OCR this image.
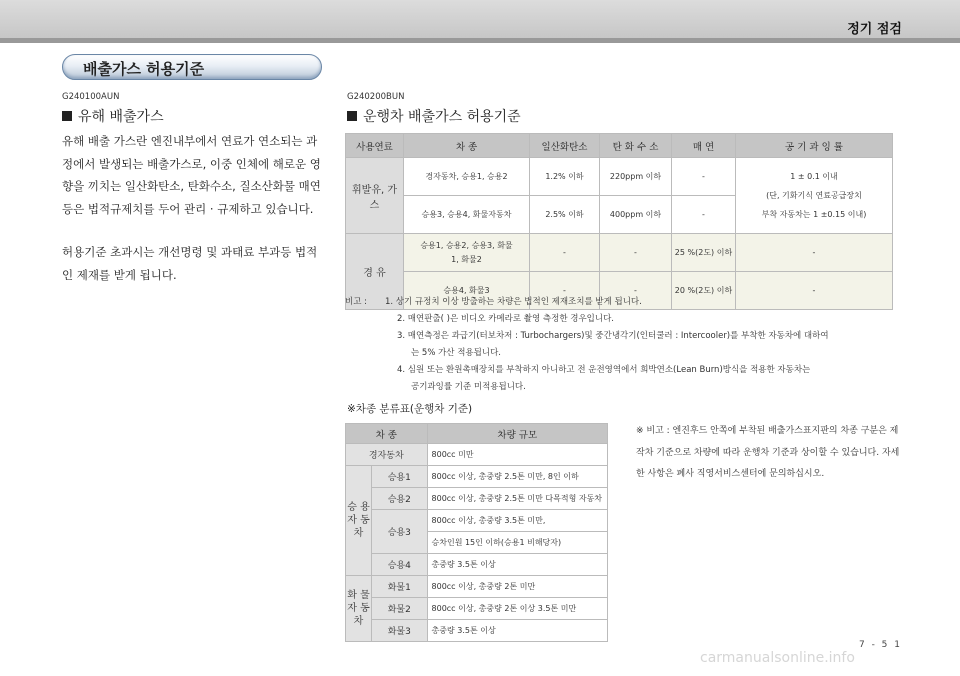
정기 점검
배출가스 허용기준
G240100AUN
유해 배출가스
유해 배출 가스란 엔진내부에서 연료가 연소되는 과정에서 발생되는 배출가스로, 이중 인체에 해로운 영향을 끼치는 일산화탄소, 탄화수소, 질소산화물 매연 등은 법적규제치를 두어 관리 · 규제하고 있습니다.
허용기준 초과시는 개선명령 및 과태료 부과등 법적인 제재를 받게 됩니다.
G240200BUN
운행차 배출가스 허용기준
사용연료	차 종	일산화탄소	탄 화 수 소	매 연	공 기 과 잉 률
휘발유, 가 스	경자동차, 승용1, 승용2	1.2% 이하	220ppm 이하	-	1 ± 0.1 이내
(단, 기화기식 연료공급장치
부착 자동차는 1 ±0.15 이내)

	승용3, 승용4, 화물자동차	2.5% 이하	400ppm 이하	-	
경 유	승용1, 승용2, 승용3, 화물1, 화물2	-	-	25 %(2도) 이하	-
	승용4, 화물3	-	-	20 %(2도) 이하	-
비고 :	1. 상기 규정치 이상 방출하는 차량은 법적인 제재조치를 받게 됩니다.
2. 매연판출( )은 비디오 카메라로 촬영 측정한 경우입니다.
3. 매연측정은 과급기(터보차저 : Turbochargers)및 중간냉각기(인터쿨러 : Intercooler)를 부착한 자동차에 대하여
는 5% 가산 적용됩니다.
4. 심원 또는 환원촉매장치를 부착하지 아니하고 전 운전영역에서 희박연소(Lean Burn)방식을 적용한 자동차는
공기과잉률 기준 미적용됩니다.
※차종 분류표(운행차 기준)
차 종		차량 규모
경자동차		800cc 미만
승 용 자 동 차	승용1	800cc 이상, 총중량 2.5톤 미만, 8인 이하
	승용2	800cc 이상, 총중량 2.5톤 미만 다목적형 자동차
	승용3	800cc 이상, 총중량 3.5톤 미만,
		승차인원 15인 이하(승용1 비해당자)
	승용4	총중량 3.5톤 이상
화 물 자 동 차	화물1	800cc 이상, 총중량 2톤 미만
	화물2	800cc 이상, 총중량 2톤 이상 3.5톤 미만
	화물3	총중량 3.5톤 이상
※ 비고 : 엔진후드 안쪽에 부착된 배출가스표지판의 차종 구분은 제작차 기준으로 차량에 따라 운행차 기준과 상이할 수 있습니다. 자세한 사항은 폐사 직영서비스센터에 문의하십시오.
7 - 5 1
carmanualsonline.info
